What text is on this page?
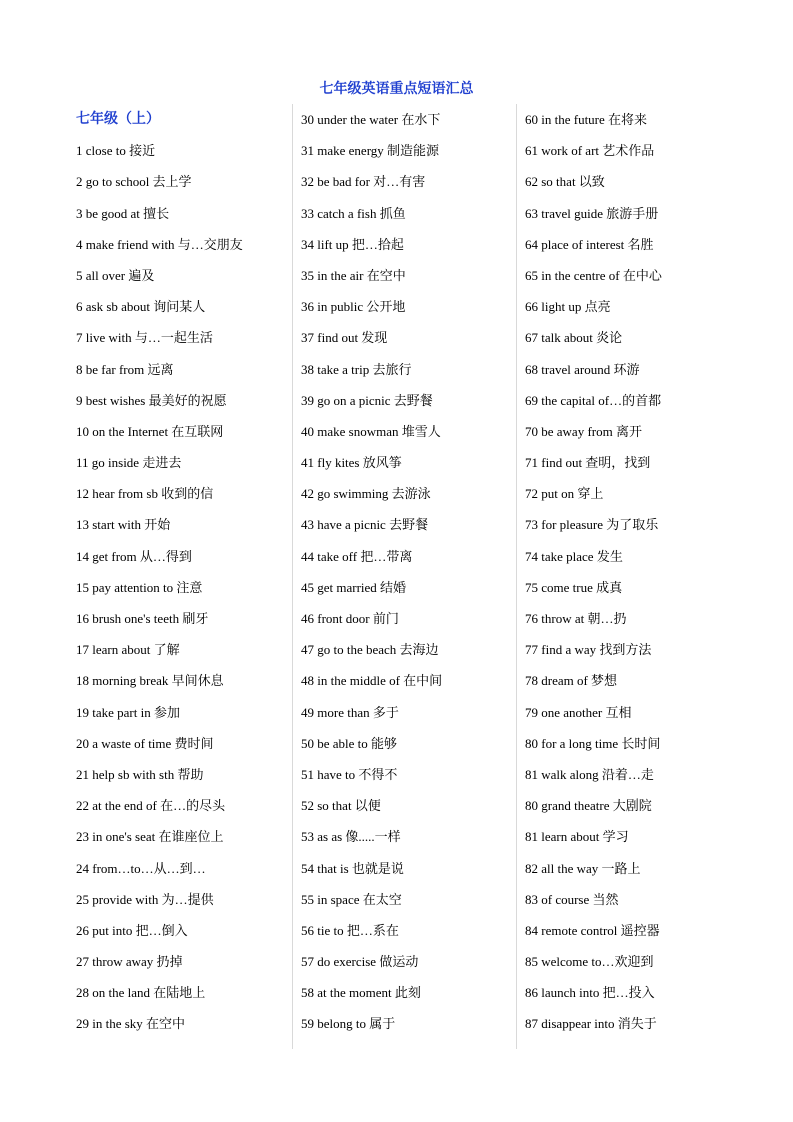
七年级英语重点短语汇总
七年级（上）
1 close to 接近
2 go to school 去上学
3 be good at 擅长
4 make friend with 与…交朋友
5 all over 遍及
6 ask sb about 询问某人
7 live with 与…一起生活
8 be far from 远离
9 best wishes 最美好的祝愿
10 on the Internet 在互联网
11 go inside 走进去
12 hear from sb 收到的信
13 start with 开始
14 get from 从…得到
15 pay attention to 注意
16 brush one's teeth 刷牙
17 learn about 了解
18 morning break 早间休息
19 take part in 参加
20 a waste of time 费时间
21 help sb with sth 帮助
22 at the end of 在…的尽头
23 in one's seat 在谁座位上
24 from…to…从…到…
25 provide with 为…提供
26 put into 把…倒入
27 throw away 扔掉
28 on the land 在陆地上
29 in the sky 在空中
30 under the water 在水下
31 make energy 制造能源
32 be bad for 对…有害
33 catch a fish 抓鱼
34 lift up 把…拾起
35 in the air 在空中
36 in public 公开地
37 find out 发现
38 take a trip 去旅行
39 go on a picnic 去野餐
40 make snowman 堆雪人
41 fly kites 放风筝
42 go swimming 去游泳
43 have a picnic 去野餐
44 take off 把…带离
45 get married 结婚
46 front door 前门
47 go to the beach 去海边
48 in the middle of 在中间
49 more than 多于
50 be able to 能够
51 have to 不得不
52 so that 以便
53 as as 像.....一样
54 that is 也就是说
55 in space 在太空
56 tie to 把…系在
57 do exercise 做运动
58 at the moment 此刻
59 belong to 属于
60 in the future 在将来
61 work of art 艺术作品
62 so that 以致
63 travel guide 旅游手册
64 place of interest 名胜
65 in the centre of 在中心
66 light up 点亮
67 talk about 炎论
68 travel around 环游
69 the capital of…的首都
70 be away from 离开
71 find out 查明，找到
72 put on 穿上
73 for pleasure 为了取乐
74 take place 发生
75 come true 成真
76 throw at 朝…扔
77 find a way 找到方法
78 dream of 梦想
79 one another 互相
80 for a long time 长时间
81 walk along 沿着…走
80 grand theatre 大剧院
81 learn about 学习
82 all the way 一路上
83 of course 当然
84 remote control 遥控器
85 welcome to…欢迎到
86 launch into 把…投入
87 disappear into 消失于
